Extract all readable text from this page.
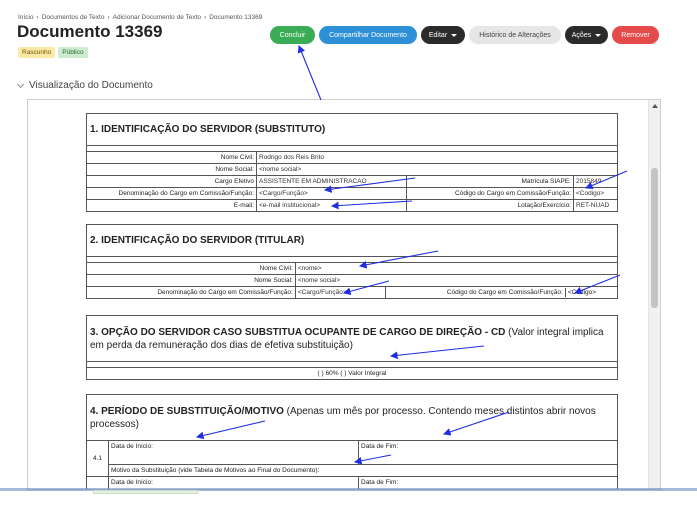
Início › Documentos de Texto › Adicionar Documento de Texto › Documento 13369
Documento 13369
Rascunho	Público
Concluir	Compartilhar Documento	Editar	Histórico de Alterações	Ações	Remover
Visualização do Documento
1. IDENTIFICAÇÃO DO SERVIDOR (SUBSTITUTO)			

Nome Civil:	Rodrigo dos Reis Brito		
Nome Social:	<nome social>		
Cargo Efetivo	ASSISTENTE EM ADMINISTRACAO	Matrícula SIAPE:	2015849
Denominação do Cargo em Comissão/Função:	<Cargo/Função>	Código do Cargo em Comissão/Função:	<Codigo>
E-mail:	<e-mail institucional>	Lotação/Exercício:	RET-NUAD
2. IDENTIFICAÇÃO DO SERVIDOR (TITULAR)		

Nome Civil:	<nome>	
Nome Social:	<nome social>	
Denominação do Cargo em Comissão/Função:	<Cargo/Função>	Código do Cargo em Comissão/Função: <Codigo>
3. OPÇÃO DO SERVIDOR CASO SUBSTITUA OCUPANTE DE CARGO DE DIREÇÃO - CD (Valor integral implica em perda da remuneração dos dias de efetiva substituição)

( ) 60% ( ) Valor Integral
4. PERÍODO DE SUBSTITUIÇÃO/MOTIVO (Apenas um mês por processo. Contendo meses distintos abrir novos processos)		
4.1	Data de Início:	Data de Fim:
	Motivo da Substituição (vide Tabela de Motivos ao Final do Documento):	
	Data de Início:	Data de Fim:
